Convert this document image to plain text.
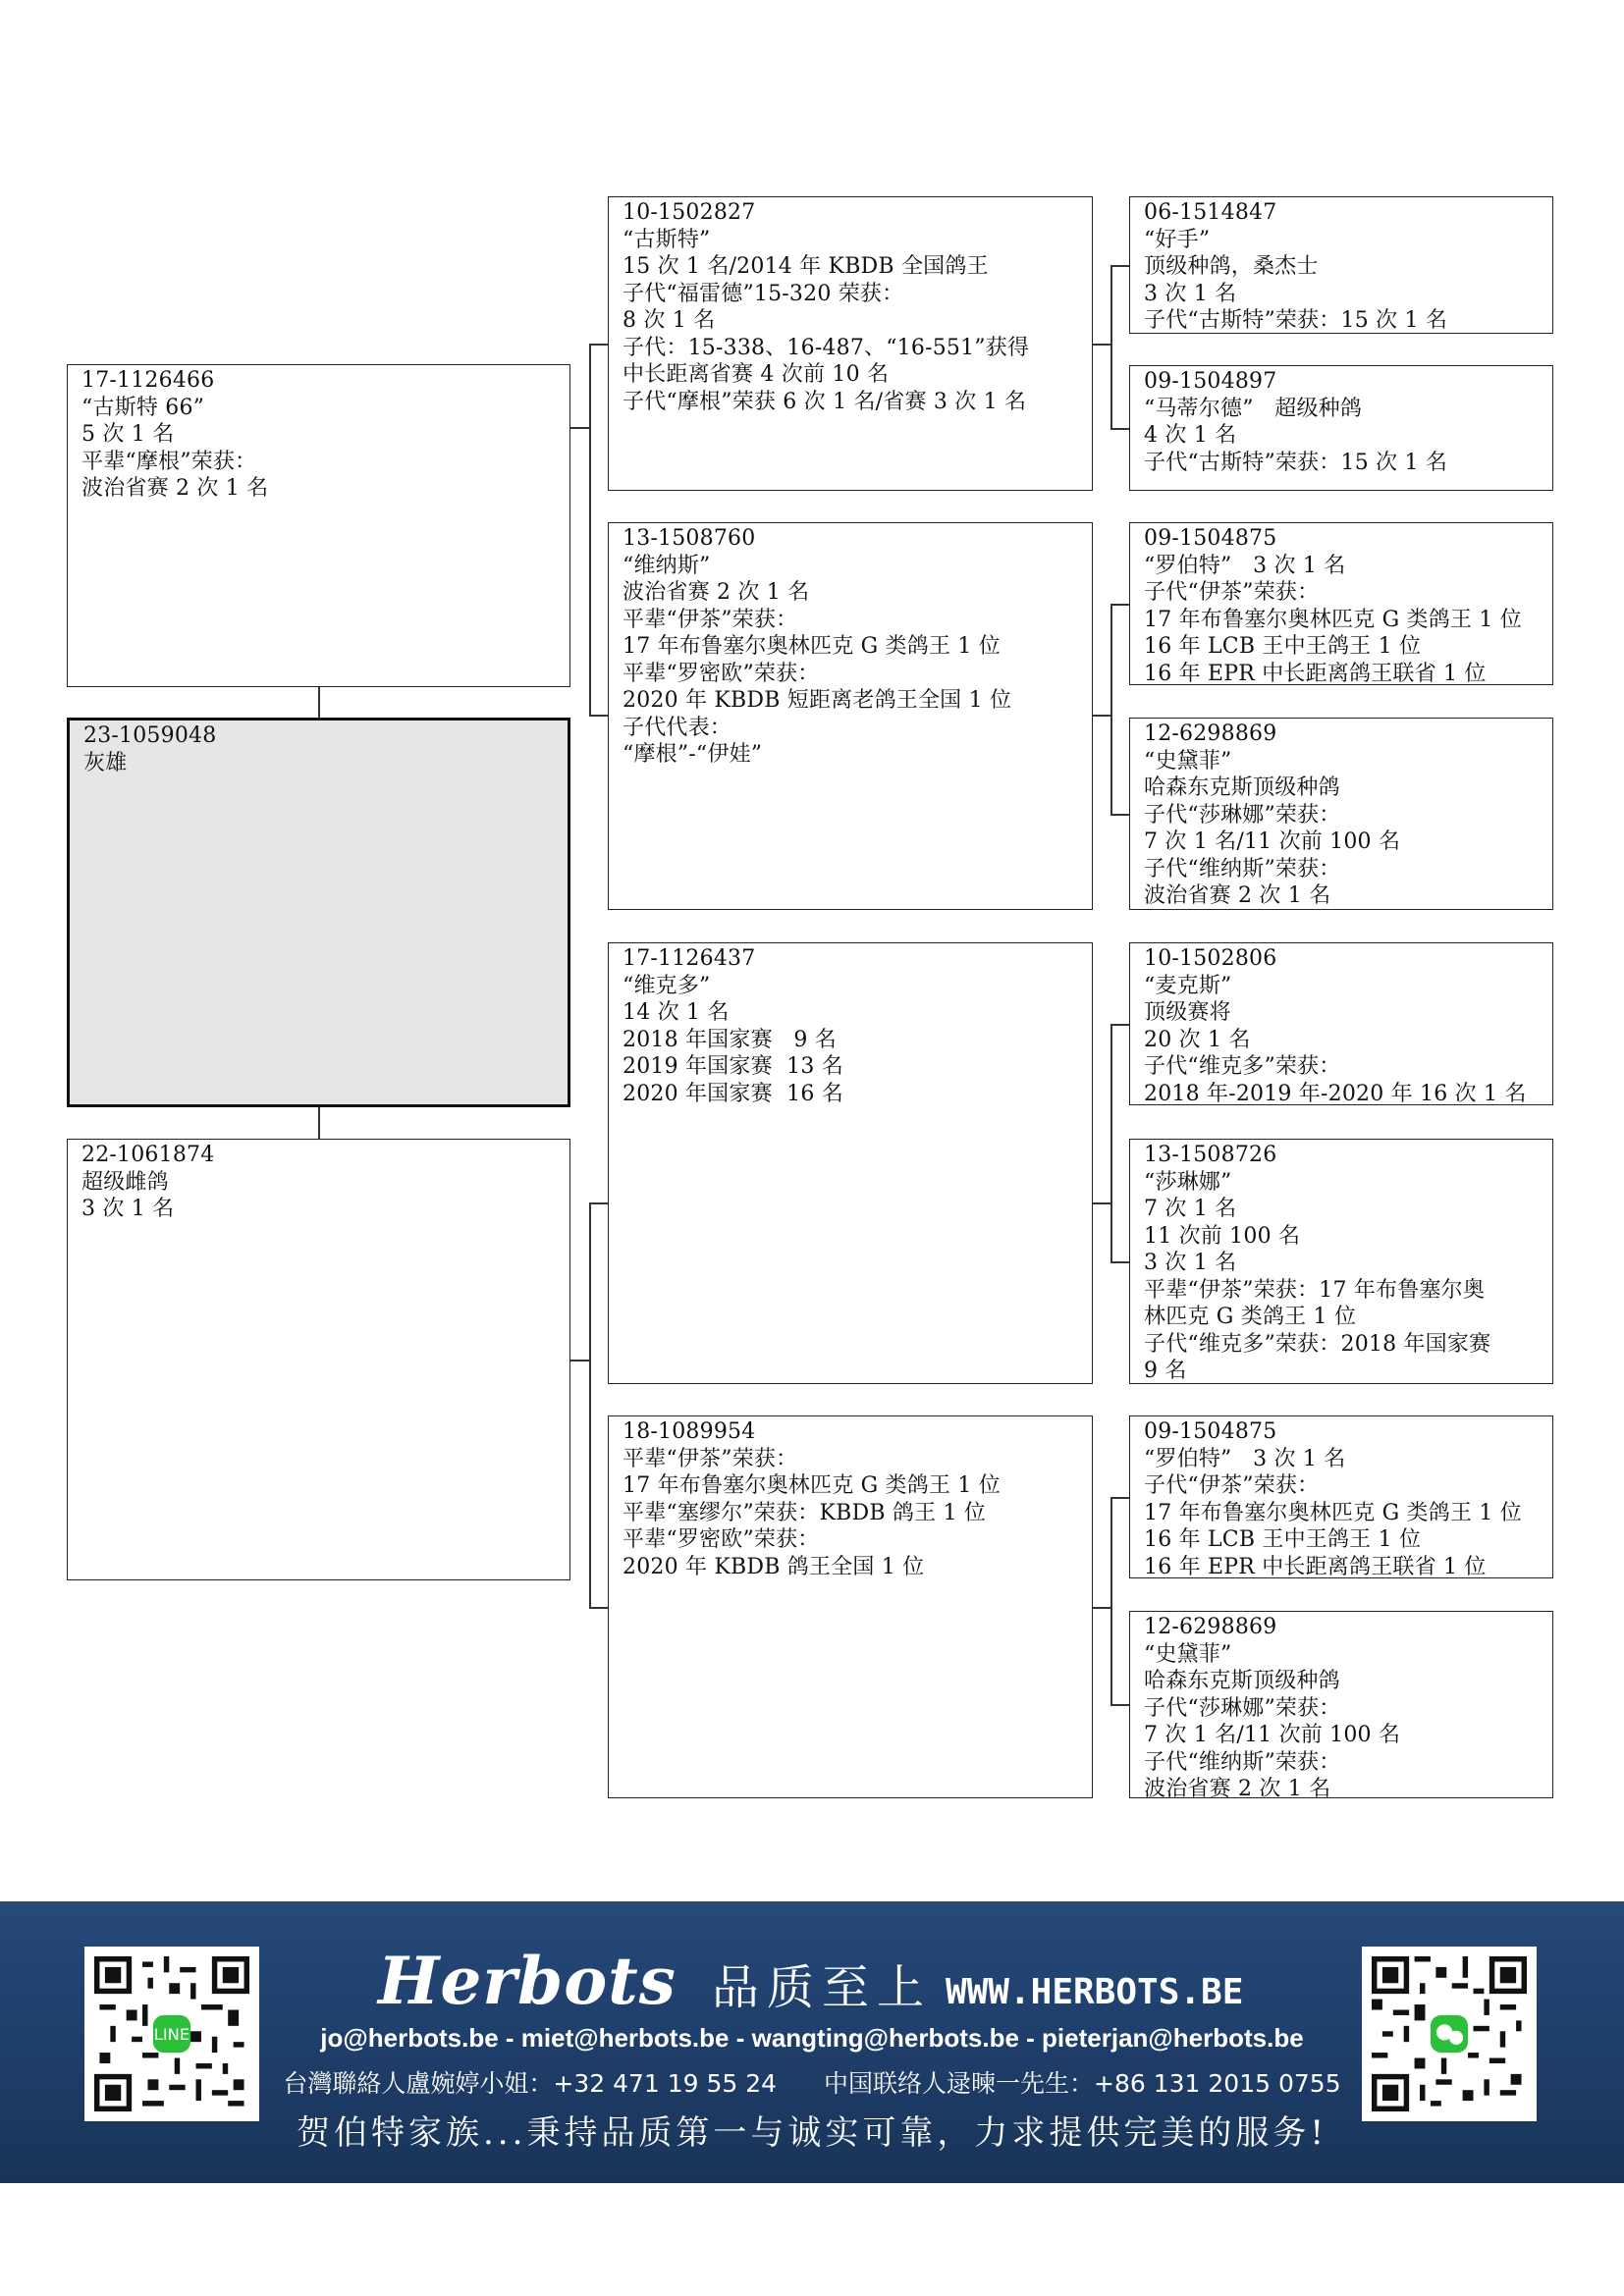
23-1059048
灰雄
17-1126466
“古斯特 66”
5 次 1 名
平辈“摩根”荣获：
波治省赛 2 次 1 名
22-1061874
超级雌鸽
3 次 1 名
10-1502827
“古斯特”
15 次 1 名/2014 年 KBDB 全国鸽王
子代“福雷德”15-320 荣获：
8 次 1 名
子代：15-338、16-487、“16-551”获得
中长距离省赛 4 次前 10 名
子代“摩根”荣获 6 次 1 名/省赛 3 次 1 名
13-1508760
“维纳斯”
波治省赛 2 次 1 名
平辈“伊茶”荣获：
17 年布鲁塞尔奥林匹克 G 类鸽王 1 位
平辈“罗密欧”荣获：
2020 年 KBDB 短距离老鸽王全国 1 位
子代代表：
“摩根”-“伊娃”
17-1126437
“维克多”
14 次 1 名
2018 年国家赛   9 名
2019 年国家赛  13 名
2020 年国家赛  16 名
18-1089954
平辈“伊茶”荣获：
17 年布鲁塞尔奥林匹克 G 类鸽王 1 位
平辈“塞缪尔”荣获：KBDB 鸽王 1 位
平辈“罗密欧”荣获：
2020 年 KBDB 鸽王全国 1 位
06-1514847
“好手”
顶级种鸽，桑杰士
3 次 1 名
子代“古斯特”荣获：15 次 1 名
09-1504897
“马蒂尔德”   超级种鸽
4 次 1 名
子代“古斯特”荣获：15 次 1 名
09-1504875
“罗伯特”   3 次 1 名
子代“伊茶”荣获：
17 年布鲁塞尔奥林匹克 G 类鸽王 1 位
16 年 LCB 王中王鸽王 1 位
16 年 EPR 中长距离鸽王联省 1 位
12-6298869
“史黛菲”
哈森东克斯顶级种鸽
子代“莎琳娜”荣获：
7 次 1 名/11 次前 100 名
子代“维纳斯”荣获：
波治省赛 2 次 1 名
10-1502806
“麦克斯”
顶级赛将
20 次 1 名
子代“维克多”荣获：
2018 年-2019 年-2020 年 16 次 1 名
13-1508726
“莎琳娜”
7 次 1 名
11 次前 100 名
3 次 1 名
平辈“伊茶”荣获：17 年布鲁塞尔奥
林匹克 G 类鸽王 1 位
子代“维克多”荣获：2018 年国家赛
9 名
09-1504875
“罗伯特”   3 次 1 名
子代“伊茶”荣获：
17 年布鲁塞尔奥林匹克 G 类鸽王 1 位
16 年 LCB 王中王鸽王 1 位
16 年 EPR 中长距离鸽王联省 1 位
12-6298869
“史黛菲”
哈森东克斯顶级种鸽
子代“莎琳娜”荣获：
7 次 1 名/11 次前 100 名
子代“维纳斯”荣获：
波治省赛 2 次 1 名
LINE
Herbots 品质至上 WWW.HERBOTS.BE
jo@herbots.be - miet@herbots.be - wangting@herbots.be - pieterjan@herbots.be
台灣聯絡人盧婉婷小姐：+32 471 19 55 24 中国联络人逯暕一先生：+86 131 2015 0755
贺伯特家族...秉持品质第一与诚实可靠，力求提供完美的服务!
